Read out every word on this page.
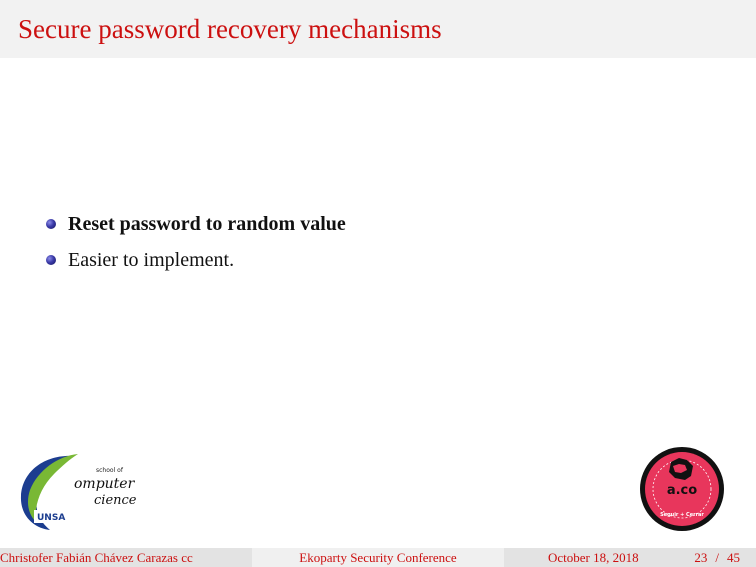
Secure password recovery mechanisms
Reset password to random value
Easier to implement.
UNSA
school of
omputer
cience
a.co
Seguir + Cerrar
Christofer Fabián Chávez Carazas cc	Ekoparty Security Conference	October 18, 2018	23 / 45
